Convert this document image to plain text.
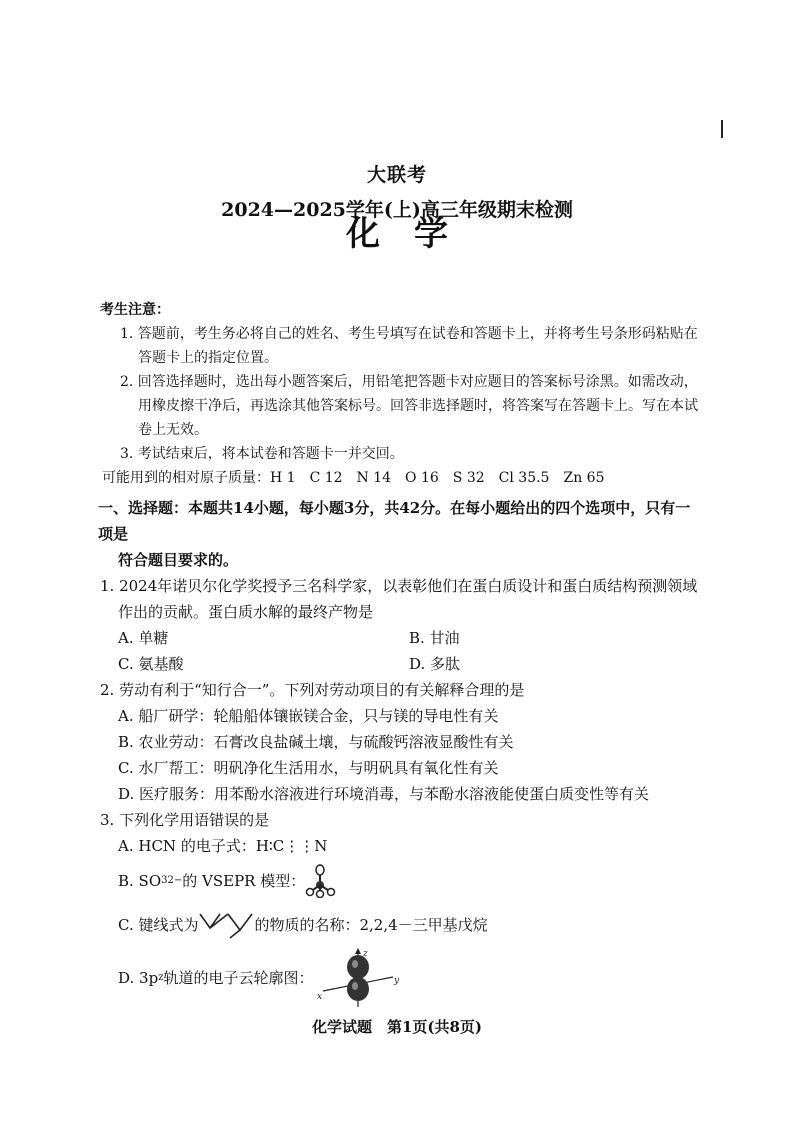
大联考
2024—2025学年(上)高三年级期末检测
化学
考生注意：
1. 答题前，考生务必将自己的姓名、考生号填写在试卷和答题卡上，并将考生号条形码粘贴在答题卡上的指定位置。
2. 回答选择题时，选出每小题答案后，用铅笔把答题卡对应题目的答案标号涂黑。如需改动，用橡皮擦干净后，再选涂其他答案标号。回答非选择题时，将答案写在答题卡上。写在本试卷上无效。
3. 考试结束后，将本试卷和答题卡一并交回。
可能用到的相对原子质量：H 1　C 12　N 14　O 16　S 32　Cl 35.5　Zn 65
一、选择题：本题共14小题，每小题3分，共42分。在每小题给出的四个选项中，只有一项是
符合题目要求的。
1. 2024年诺贝尔化学奖授予三名科学家，以表彰他们在蛋白质设计和蛋白质结构预测领域作出的贡献。蛋白质水解的最终产物是
A. 单糖	B. 甘油
C. 氨基酸	D. 多肽
2. 劳动有利于“知行合一”。下列对劳动项目的有关解释合理的是
A. 船厂研学：轮船船体镶嵌镁合金，只与镁的导电性有关
B. 农业劳动：石膏改良盐碱土壤，与硫酸钙溶液显酸性有关
C. 水厂帮工：明矾净化生活用水，与明矾具有氧化性有关
D. 医疗服务：用苯酚水溶液进行环境消毒，与苯酚水溶液能使蛋白质变性等有关
3. 下列化学用语错误的是
A. HCN 的电子式：H∶C⋮⋮N
B. SO 3 2− 的 VSEPR 模型：
C. 键线式为	的物质的名称：2,2,4－三甲基戊烷
D. 3p z 轨道的电子云轮廓图：
z
x
y
化学试题　第1页(共8页)
